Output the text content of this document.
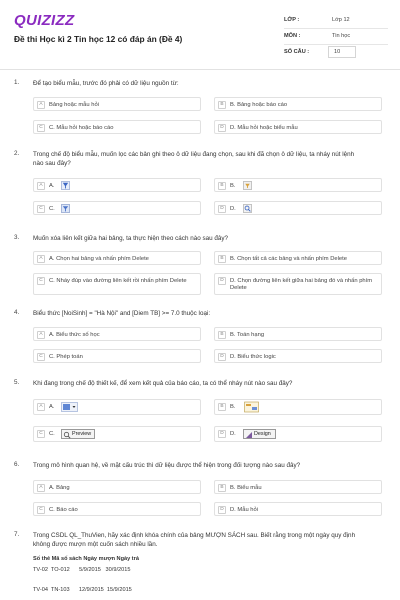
QUIZIZZ
Đề thi Học kì 2 Tin học 12 có đáp án (Đề 4)
LỚP :	Lớp 12
MÔN :	Tin học
SỐ CÂU :	10
1. Để tạo biểu mẫu, trước đó phải có dữ liệu nguồn từ:
A	Bảng hoặc mẫu hỏi	B	B. Bảng hoặc báo cáo
C	C. Mẫu hỏi hoặc báo cáo	D	D. Mẫu hỏi hoặc biểu mẫu
2. Trong chế độ biểu mẫu, muốn lọc các bản ghi theo ô dữ liệu đang chọn, sau khi đã chọn ô dữ liệu, ta nháy nút lệnh nào sau đây?
A	A.	B	B.
C	C.	D	D.
3. Muốn xóa liên kết giữa hai bảng, ta thực hiện theo cách nào sau đây?
A	A. Chọn hai bảng và nhấn phím Delete	B	B. Chọn tất cả các bảng và nhấn phím Delete
C	C. Nháy đúp vào đường liên kết rồi nhấn phím Delete	D	D. Chọn đường liên kết giữa hai bảng đó và nhấn phím Delete
4. Biểu thức [NoiSinh] = "Hà Nội" and [Diem TB] >= 7.0 thuộc loại:
A	A. Biểu thức số học	B	B. Toán hạng
C	C. Phép toán	D	D. Biểu thức logic
5. Khi đang trong chế độ thiết kế, để xem kết quả của báo cáo, ta có thể nháy nút nào sau đây?
A	A.	B	B.
C	C.	Preview	D	D.	Design
6. Trong mô hình quan hệ, về mặt cấu trúc thì dữ liệu được thể hiện trong đối tượng nào sau đây?
A	A. Bảng	B	B. Biểu mẫu
C	C. Báo cáo	D	D. Mẫu hỏi
7. Trong CSDL QL_ThuVien, hãy xác định khóa chính của bảng MƯỢN SÁCH sau. Biết rằng trong một ngày quy định không được mượn một cuốn sách nhiều lần.
Số thẻ Mã số sách Ngày mượn Ngày trả
TV-02  TO-012      5/9/2015   30/9/2015
TV-04  TN-103      12/9/2015  15/9/2015
